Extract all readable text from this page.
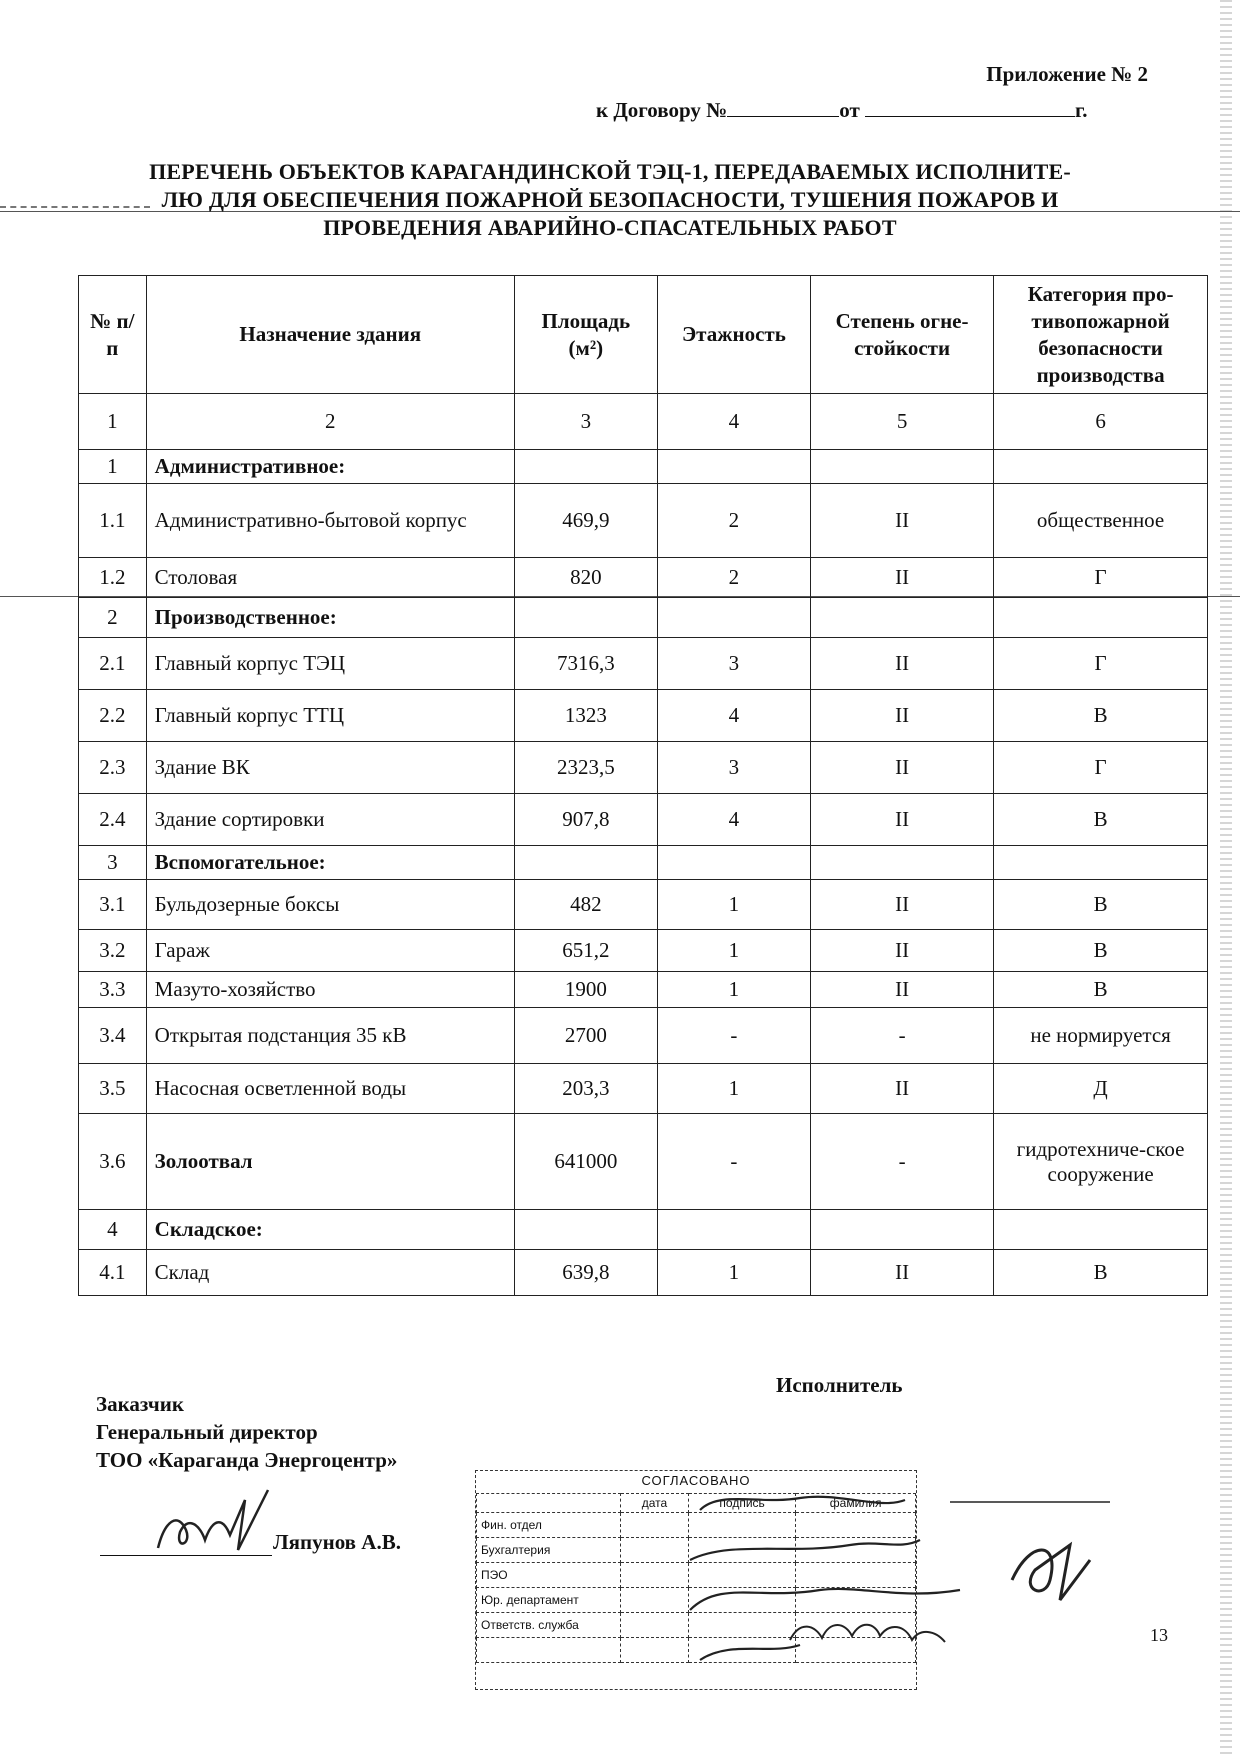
Приложение № 2
к Договору №	от	г.
ПЕРЕЧЕНЬ ОБЪЕКТОВ КАРАГАНДИНСКОЙ ТЭЦ-1, ПЕРЕДАВАЕМЫХ ИСПОЛНИТЕ-
ЛЮ ДЛЯ ОБЕСПЕЧЕНИЯ ПОЖАРНОЙ БЕЗОПАСНОСТИ, ТУШЕНИЯ ПОЖАРОВ И
ПРОВЕДЕНИЯ АВАРИЙНО-СПАСАТЕЛЬНЫХ РАБОТ
№ п/п	Назначение здания	Площадь (м²)	Этажность	Степень огне-стойкости	Категория про-тивопожарной безопасности производства
1	2	3	4	5	6
1	Административное:				
1.1	Административно-бытовой корпус	469,9	2	II	общественное
1.2	Столовая	820	2	II	Г
2	Производственное:				
2.1	Главный корпус ТЭЦ	7316,3	3	II	Г
2.2	Главный корпус ТТЦ	1323	4	II	В
2.3	Здание ВК	2323,5	3	II	Г
2.4	Здание сортировки	907,8	4	II	В
3	Вспомогательное:				
3.1	Бульдозерные боксы	482	1	II	В
3.2	Гараж	651,2	1	II	В
3.3	Мазуто-хозяйство	1900	1	II	В
3.4	Открытая подстанция 35 кВ	2700	-	-	не нормируется
3.5	Насосная осветленной воды	203,3	1	II	Д
3.6	Золоотвал	641000	-	-	гидротехниче-ское сооружение
4	Складское:				
4.1	Склад	639,8	1	II	В
Исполнитель
Заказчик
Генеральный директор
ТОО «Караганда Энергоцентр»
Ляпунов А.В.
СОГЛАСОВАНО
	дата	подпись	фамилия
Фин. отдел			
Бухгалтерия			
ПЭО			
Юр. департамент			
Ответств. служба			
				13
